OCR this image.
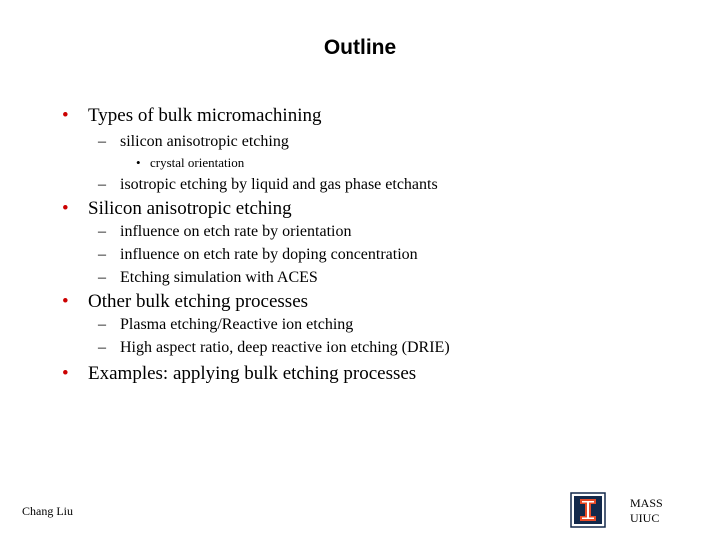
Outline
• Types of bulk micromachining
– silicon anisotropic etching
• crystal orientation
– isotropic etching by liquid and gas phase etchants
• Silicon anisotropic etching
– influence on etch rate by orientation
– influence on etch rate by doping concentration
– Etching simulation with ACES
• Other bulk etching processes
– Plasma etching/Reactive ion etching
– High aspect ratio, deep reactive ion etching (DRIE)
• Examples: applying bulk etching processes
Chang Liu
MASS
UIUC
